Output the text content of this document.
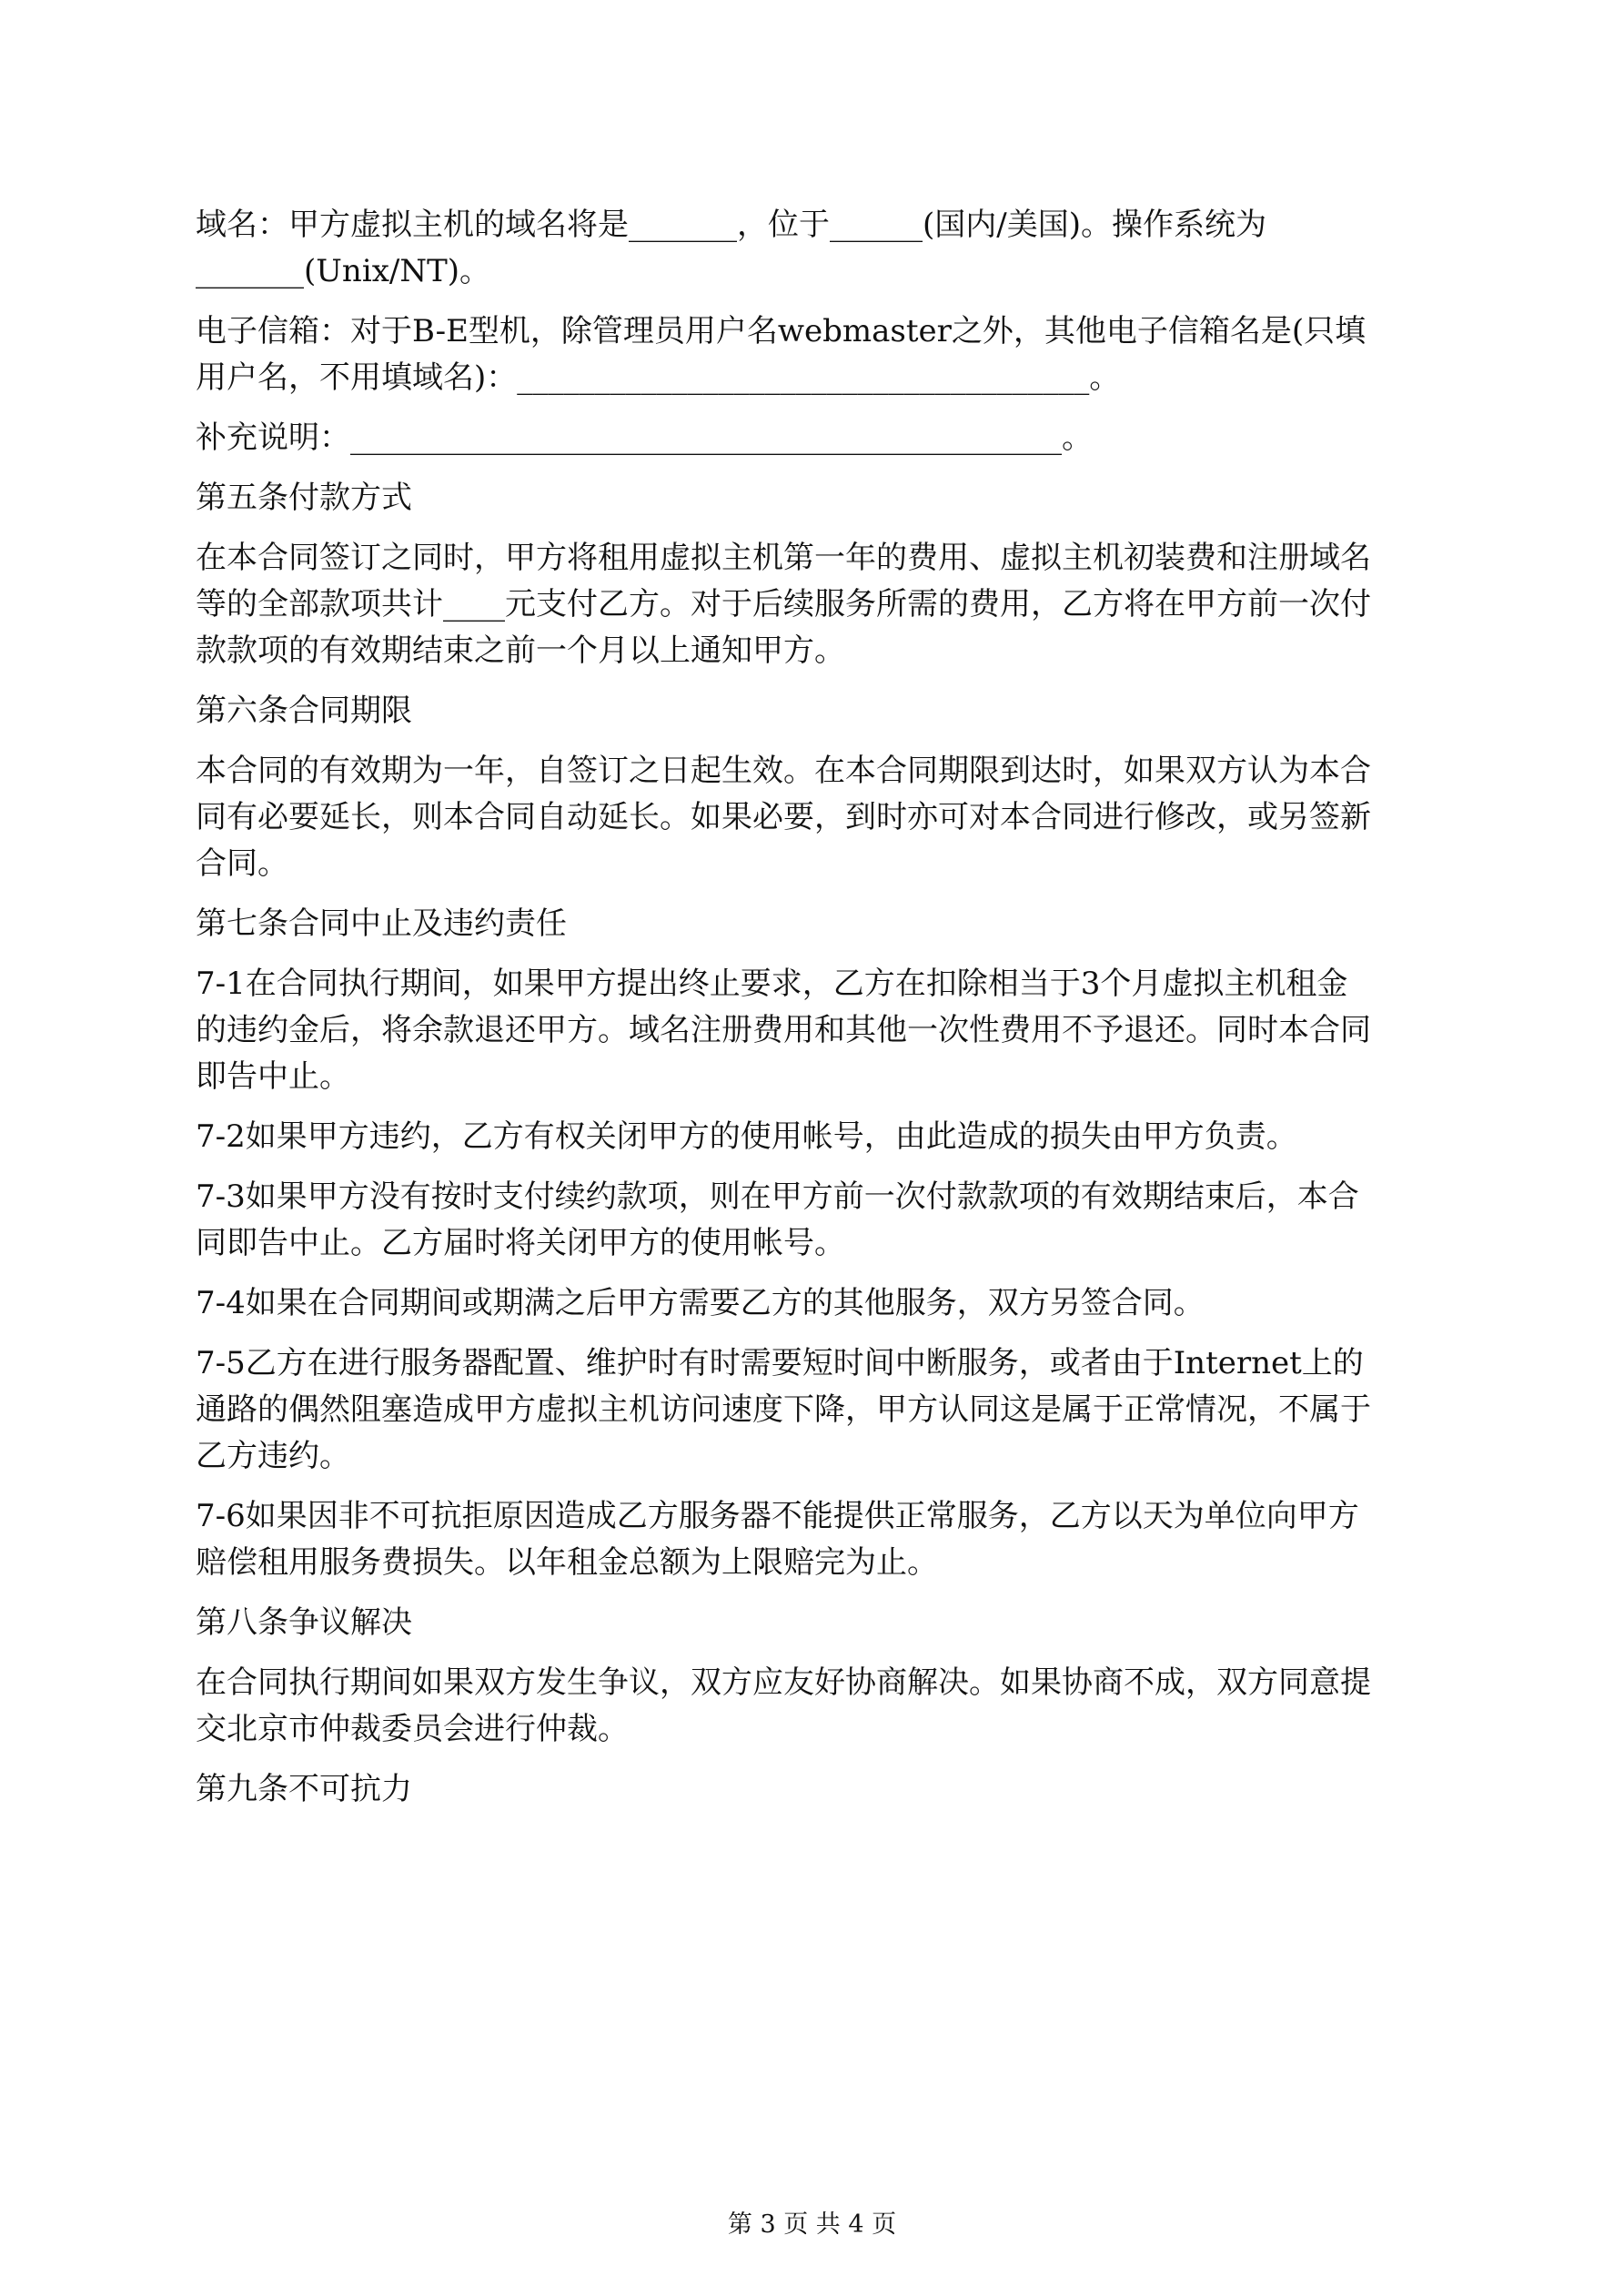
域名：甲方虚拟主机的域名将是_______，位于______(国内/美国)。操作系统为
_______(Unix/NT)。
电子信箱：对于B-E型机，除管理员用户名webmaster之外，其他电子信箱名是(只填
用户名，不用填域名)：_____________________________________。
补充说明：______________________________________________。
第五条付款方式
在本合同签订之同时，甲方将租用虚拟主机第一年的费用、虚拟主机初装费和注册域名
等的全部款项共计____元支付乙方。对于后续服务所需的费用，乙方将在甲方前一次付
款款项的有效期结束之前一个月以上通知甲方。
第六条合同期限
本合同的有效期为一年，自签订之日起生效。在本合同期限到达时，如果双方认为本合
同有必要延长，则本合同自动延长。如果必要，到时亦可对本合同进行修改，或另签新
合同。
第七条合同中止及违约责任
7-1在合同执行期间，如果甲方提出终止要求，乙方在扣除相当于3个月虚拟主机租金
的违约金后，将余款退还甲方。域名注册费用和其他一次性费用不予退还。同时本合同
即告中止。
7-2如果甲方违约，乙方有权关闭甲方的使用帐号，由此造成的损失由甲方负责。
7-3如果甲方没有按时支付续约款项，则在甲方前一次付款款项的有效期结束后，本合
同即告中止。乙方届时将关闭甲方的使用帐号。
7-4如果在合同期间或期满之后甲方需要乙方的其他服务，双方另签合同。
7-5乙方在进行服务器配置、维护时有时需要短时间中断服务，或者由于Internet上的
通路的偶然阻塞造成甲方虚拟主机访问速度下降，甲方认同这是属于正常情况，不属于
乙方违约。
7-6如果因非不可抗拒原因造成乙方服务器不能提供正常服务，乙方以天为单位向甲方
赔偿租用服务费损失。以年租金总额为上限赔完为止。
第八条争议解决
在合同执行期间如果双方发生争议，双方应友好协商解决。如果协商不成，双方同意提
交北京市仲裁委员会进行仲裁。
第九条不可抗力
第 3 页 共 4 页
